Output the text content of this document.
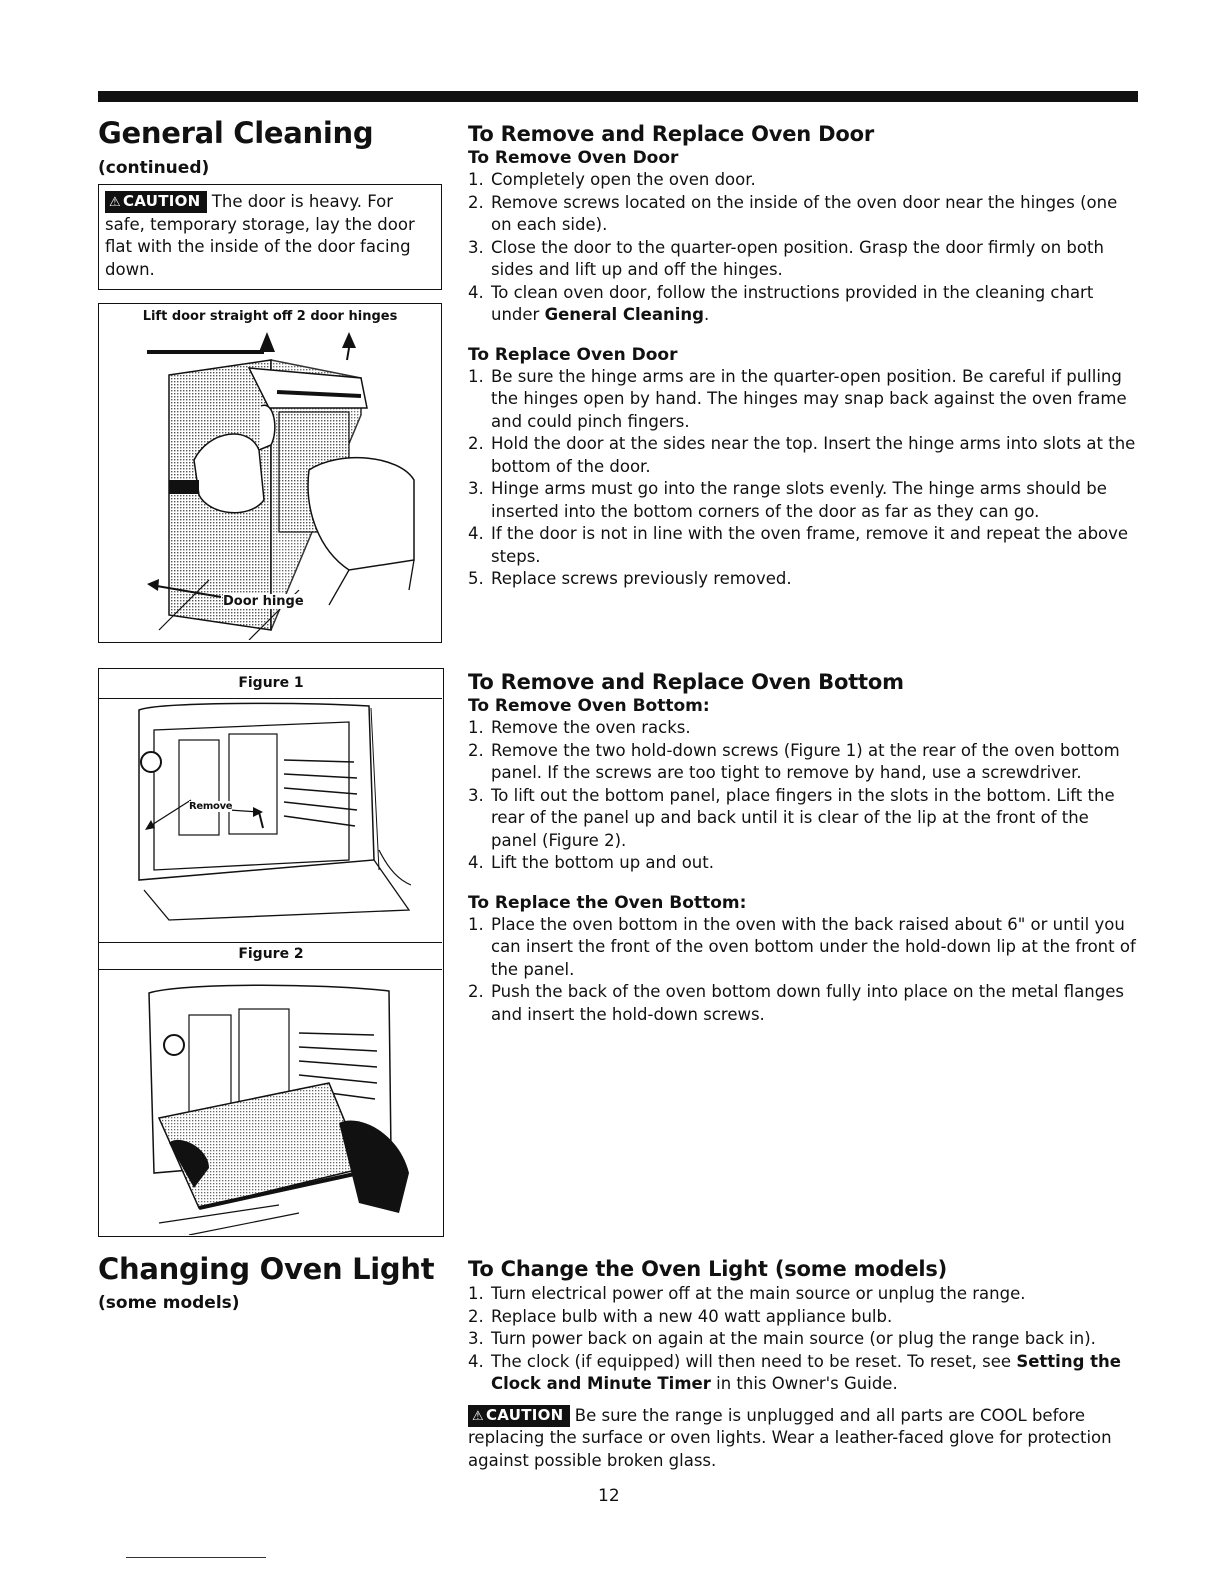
General Cleaning
(continued)
⚠ CAUTION The door is heavy. For safe, temporary storage, lay the door flat with the inside of the door facing down.
Lift door straight off 2 door hinges
Door hinge
Figure 1
Remove
Figure 2
Changing Oven Light
(some models)
To Remove and Replace Oven Door
To Remove Oven Door
1. Completely open the oven door.
2. Remove screws located on the inside of the oven door near the hinges (one on each side).
3. Close the door to the quarter-open position. Grasp the door firmly on both sides and lift up and off the hinges.
4. To clean oven door, follow the instructions provided in the cleaning chart under General Cleaning.
To Replace Oven Door
1. Be sure the hinge arms are in the quarter-open position. Be careful if pulling the hinges open by hand. The hinges may snap back against the oven frame and could pinch fingers.
2. Hold the door at the sides near the top. Insert the hinge arms into slots at the bottom of the door.
3. Hinge arms must go into the range slots evenly. The hinge arms should be inserted into the bottom corners of the door as far as they can go.
4. If the door is not in line with the oven frame, remove it and repeat the above steps.
5. Replace screws previously removed.
To Remove and Replace Oven Bottom
To Remove Oven Bottom:
1. Remove the oven racks.
2. Remove the two hold-down screws (Figure 1) at the rear of the oven bottom panel. If the screws are too tight to remove by hand, use a screwdriver.
3. To lift out the bottom panel, place fingers in the slots in the bottom. Lift the rear of the panel up and back until it is clear of the lip at the front of the panel (Figure 2).
4. Lift the bottom up and out.
To Replace the Oven Bottom:
1. Place the oven bottom in the oven with the back raised about 6" or until you can insert the front of the oven bottom under the hold-down lip at the front of the panel.
2. Push the back of the oven bottom down fully into place on the metal flanges and insert the hold-down screws.
To Change the Oven Light (some models)
1. Turn electrical power off at the main source or unplug the range.
2. Replace bulb with a new 40 watt appliance bulb.
3. Turn power back on again at the main source (or plug the range back in).
4. The clock (if equipped) will then need to be reset. To reset, see Setting the Clock and Minute Timer in this Owner's Guide.
⚠ CAUTION Be sure the range is unplugged and all parts are COOL before replacing the surface or oven lights. Wear a leather-faced glove for protection against possible broken glass.
12
